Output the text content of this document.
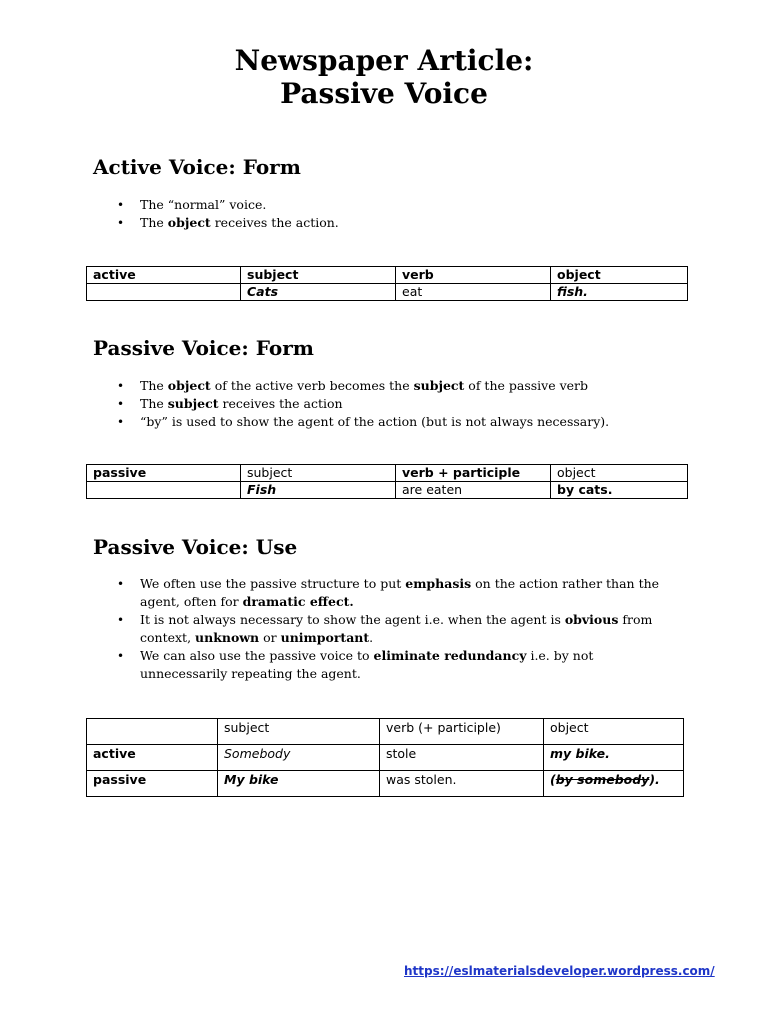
Newspaper Article:
Passive Voice
Active Voice: Form
• The “normal” voice.
• The object receives the action.
active	subject	verb	object
	Cats	eat	fish.
Passive Voice: Form
• The object of the active verb becomes the subject of the passive verb
• The subject receives the action
• “by” is used to show the agent of the action (but is not always necessary).
passive	subject	verb + participle	object
	Fish	are eaten	by cats.
Passive Voice: Use
• We often use the passive structure to put emphasis on the action rather than the agent, often for dramatic effect.
• It is not always necessary to show the agent i.e. when the agent is obvious from context, unknown or unimportant.
• We can also use the passive voice to eliminate redundancy i.e. by not unnecessarily repeating the agent.
	subject	verb (+ participle)	object
active	Somebody	stole	my bike.
passive	My bike	was stolen.	(by somebody).
https://eslmaterialsdeveloper.wordpress.com/
